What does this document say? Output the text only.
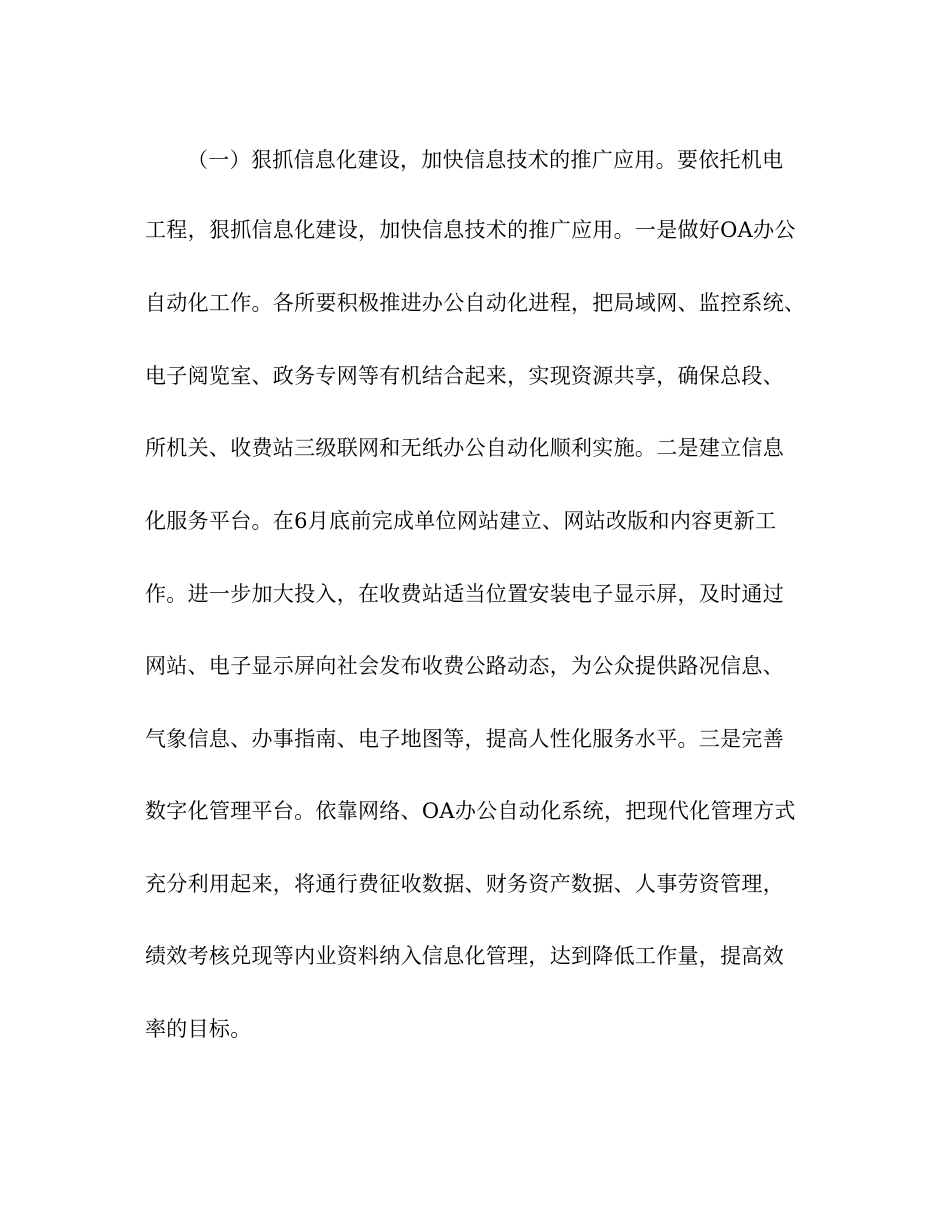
（一）狠抓信息化建设，加快信息技术的推广应用。要依托机电
工程，狠抓信息化建设，加快信息技术的推广应用。一是做好OA办公
自动化工作。各所要积极推进办公自动化进程，把局域网、监控系统、
电子阅览室、政务专网等有机结合起来，实现资源共享，确保总段、
所机关、收费站三级联网和无纸办公自动化顺利实施。二是建立信息
化服务平台。在6月底前完成单位网站建立、网站改版和内容更新工
作。进一步加大投入，在收费站适当位置安装电子显示屏，及时通过
网站、电子显示屏向社会发布收费公路动态，为公众提供路况信息、
气象信息、办事指南、电子地图等，提高人性化服务水平。三是完善
数字化管理平台。依靠网络、OA办公自动化系统，把现代化管理方式
充分利用起来，将通行费征收数据、财务资产数据、人事劳资管理，
绩效考核兑现等内业资料纳入信息化管理，达到降低工作量，提高效
率的目标。
